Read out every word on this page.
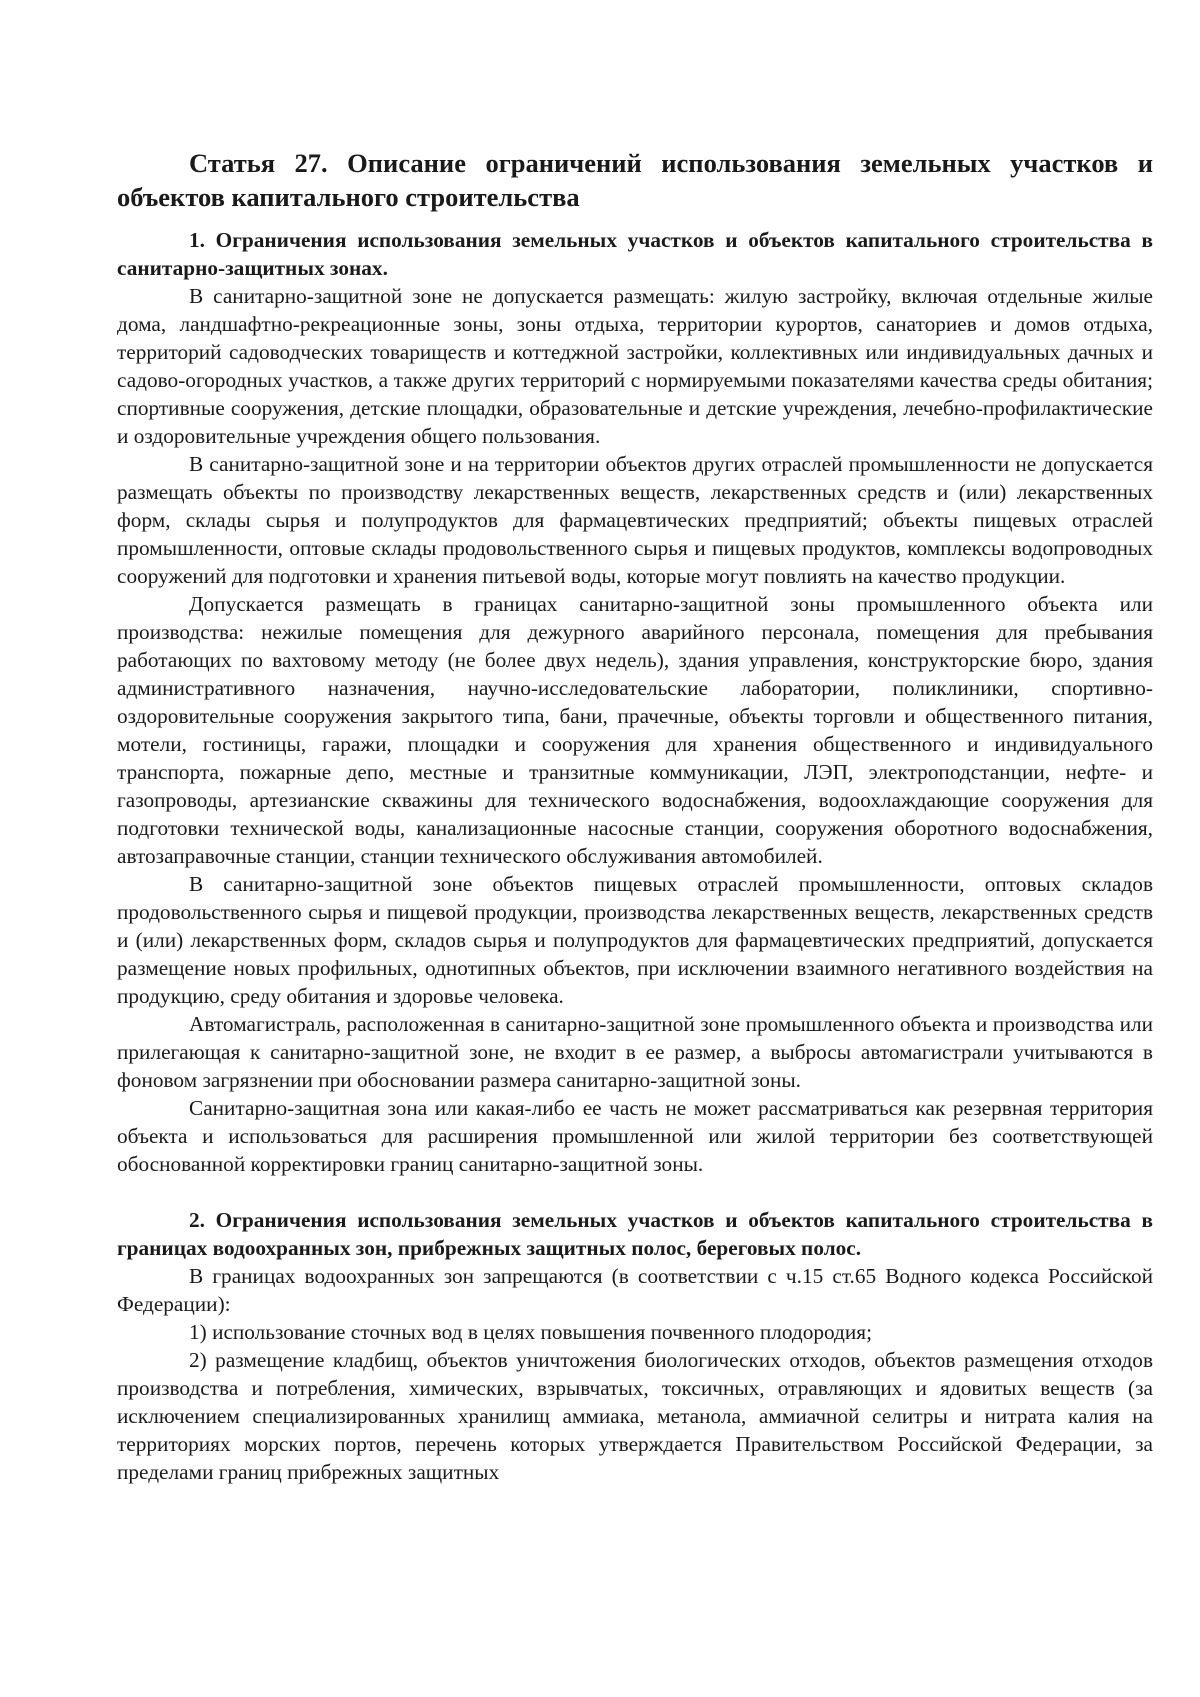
Статья 27. Описание ограничений использования земельных участков и объектов капитального строительства

1. Ограничения использования земельных участков и объектов капитального строительства в санитарно-защитных зонах.

В санитарно-защитной зоне не допускается размещать: жилую застройку, включая отдельные жилые дома, ландшафтно-рекреационные зоны, зоны отдыха, территории курортов, санаториев и домов отдыха, территорий садоводческих товариществ и коттеджной застройки, коллективных или индивидуальных дачных и садово-огородных участков, а также других территорий с нормируемыми показателями качества среды обитания; спортивные сооружения, детские площадки, образовательные и детские учреждения, лечебно-профилактические и оздоровительные учреждения общего пользования.

В санитарно-защитной зоне и на территории объектов других отраслей промышленности не допускается размещать объекты по производству лекарственных веществ, лекарственных средств и (или) лекарственных форм, склады сырья и полупродуктов для фармацевтических предприятий; объекты пищевых отраслей промышленности, оптовые склады продовольственного сырья и пищевых продуктов, комплексы водопроводных сооружений для подготовки и хранения питьевой воды, которые могут повлиять на качество продукции.

Допускается размещать в границах санитарно-защитной зоны промышленного объекта или производства: нежилые помещения для дежурного аварийного персонала, помещения для пребывания работающих по вахтовому методу (не более двух недель), здания управления, конструкторские бюро, здания административного назначения, научно-исследовательские лаборатории, поликлиники, спортивно-оздоровительные сооружения закрытого типа, бани, прачечные, объекты торговли и общественного питания, мотели, гостиницы, гаражи, площадки и сооружения для хранения общественного и индивидуального транспорта, пожарные депо, местные и транзитные коммуникации, ЛЭП, электроподстанции, нефте- и газопроводы, артезианские скважины для технического водоснабжения, водоохлаждающие сооружения для подготовки технической воды, канализационные насосные станции, сооружения оборотного водоснабжения, автозаправочные станции, станции технического обслуживания автомобилей.

В санитарно-защитной зоне объектов пищевых отраслей промышленности, оптовых складов продовольственного сырья и пищевой продукции, производства лекарственных веществ, лекарственных средств и (или) лекарственных форм, складов сырья и полупродуктов для фармацевтических предприятий, допускается размещение новых профильных, однотипных объектов, при исключении взаимного негативного воздействия на продукцию, среду обитания и здоровье человека.

Автомагистраль, расположенная в санитарно-защитной зоне промышленного объекта и производства или прилегающая к санитарно-защитной зоне, не входит в ее размер, а выбросы автомагистрали учитываются в фоновом загрязнении при обосновании размера санитарно-защитной зоны.

Санитарно-защитная зона или какая-либо ее часть не может рассматриваться как резервная территория объекта и использоваться для расширения промышленной или жилой территории без соответствующей обоснованной корректировки границ санитарно-защитной зоны.

2. Ограничения использования земельных участков и объектов капитального строительства в границах водоохранных зон, прибрежных защитных полос, береговых полос.

В границах водоохранных зон запрещаются (в соответствии с ч.15 ст.65 Водного кодекса Российской Федерации):

1) использование сточных вод в целях повышения почвенного плодородия;

2) размещение кладбищ, объектов уничтожения биологических отходов, объектов размещения отходов производства и потребления, химических, взрывчатых, токсичных, отравляющих и ядовитых веществ (за исключением специализированных хранилищ аммиака, метанола, аммиачной селитры и нитрата калия на территориях морских портов, перечень которых утверждается Правительством Российской Федерации, за пределами границ прибрежных защитных
